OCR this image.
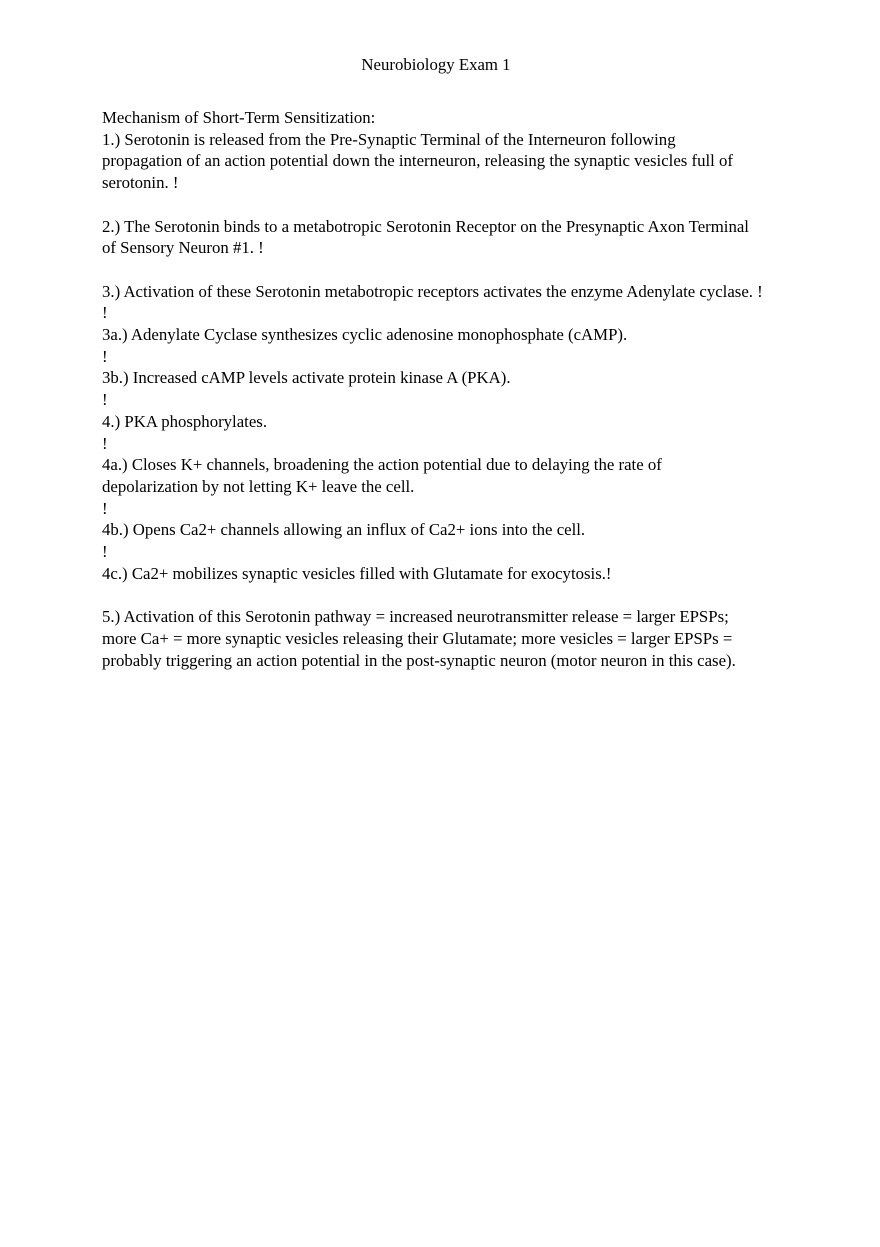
Neurobiology Exam 1
Mechanism of Short-Term Sensitization:
1.) Serotonin is released from the Pre-Synaptic Terminal of the Interneuron following
propagation of an action potential down the interneuron, releasing the synaptic vesicles full of
serotonin. !
2.) The Serotonin binds to a metabotropic Serotonin Receptor on the Presynaptic Axon Terminal
of Sensory Neuron #1. !
3.) Activation of these Serotonin metabotropic receptors activates the enzyme Adenylate cyclase. !
!
3a.) Adenylate Cyclase synthesizes cyclic adenosine monophosphate (cAMP).
!
3b.) Increased cAMP levels activate protein kinase A (PKA).
!
4.) PKA phosphorylates.
!
4a.) Closes K+ channels, broadening the action potential due to delaying the rate of
depolarization by not letting K+ leave the cell.
!
4b.) Opens Ca2+ channels allowing an influx of Ca2+ ions into the cell.
!
4c.) Ca2+ mobilizes synaptic vesicles filled with Glutamate for exocytosis.!
5.) Activation of this Serotonin pathway = increased neurotransmitter release = larger EPSPs;
more Ca+ = more synaptic vesicles releasing their Glutamate; more vesicles = larger EPSPs =
probably triggering an action potential in the post-synaptic neuron (motor neuron in this case).
